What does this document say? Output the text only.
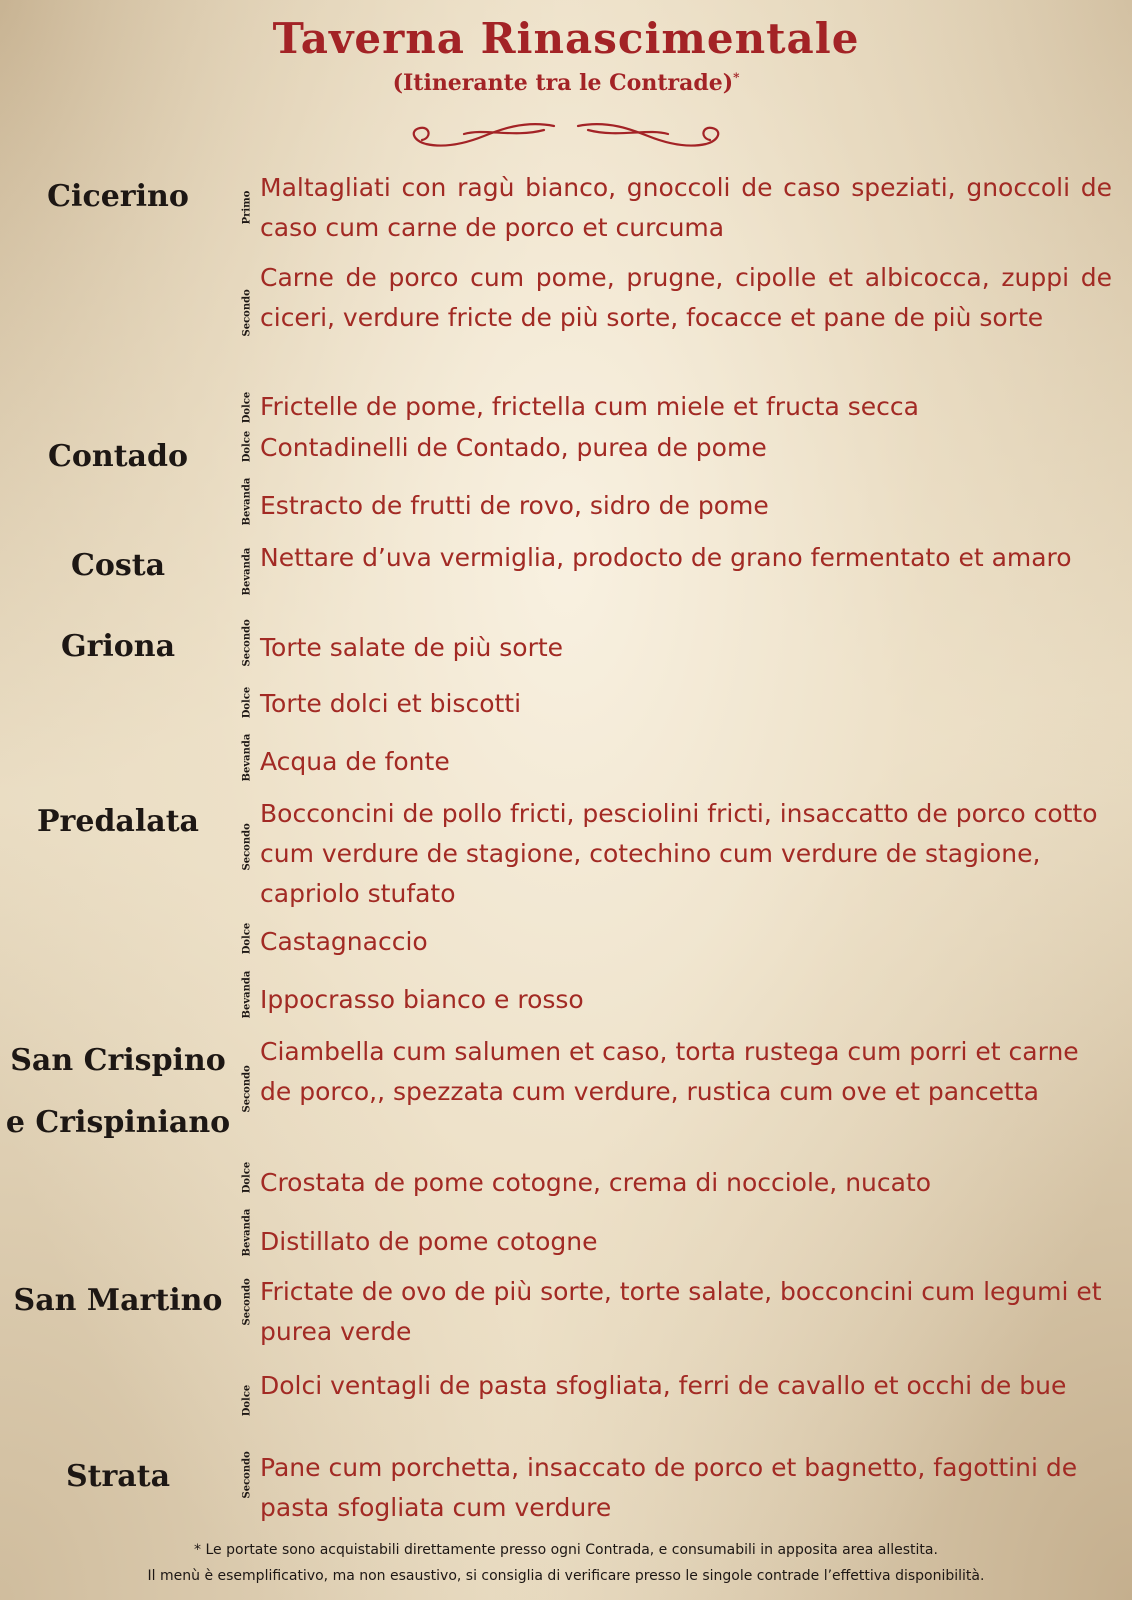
Taverna Rinascimentale
(Itinerante tra le Contrade)*
Cicerino
Contado
Costa
Griona
Predalata
San Crispino
e Crispiniano
San Martino
Strata
Primo
Secondo
Dolce
Dolce
Bevanda
Bevanda
Secondo
Dolce
Bevanda
Secondo
Dolce
Bevanda
Secondo
Dolce
Bevanda
Secondo
Dolce
Secondo
Maltagliati con ragù bianco, gnoccoli de caso speziati, gnoccoli de caso cum carne de porco et curcuma
Carne de porco cum pome, prugne, cipolle et albicocca, zuppi de ciceri, verdure fricte de più sorte, focacce et pane de più sorte
Frictelle de pome, frictella cum miele et fructa secca
Contadinelli de Contado, purea de pome
Estracto de frutti de rovo, sidro de pome
Nettare d’uva vermiglia, prodocto de grano fermentato et amaro
Torte salate de più sorte
Torte dolci et biscotti
Acqua de fonte
Bocconcini de pollo fricti, pesciolini fricti, insaccatto de porco cotto cum verdure de stagione, cotechino cum verdure de stagione, capriolo stufato
Castagnaccio
Ippocrasso bianco e rosso
Ciambella cum salumen et caso, torta rustega cum porri et carne de porco,, spezzata cum verdure, rustica cum ove et pancetta
Crostata de pome cotogne, crema di nocciole, nucato
Distillato de pome cotogne
Frictate de ovo de più sorte, torte salate, bocconcini cum legumi et purea verde
Dolci ventagli de pasta sfogliata, ferri de cavallo et occhi de bue
Pane cum porchetta, insaccato de porco et bagnetto, fagottini de pasta sfogliata cum verdure
* Le portate sono acquistabili direttamente presso ogni Contrada, e consumabili in apposita area allestita.
Il menù è esemplificativo, ma non esaustivo, si consiglia di verificare presso le singole contrade l’effettiva disponibilità.
